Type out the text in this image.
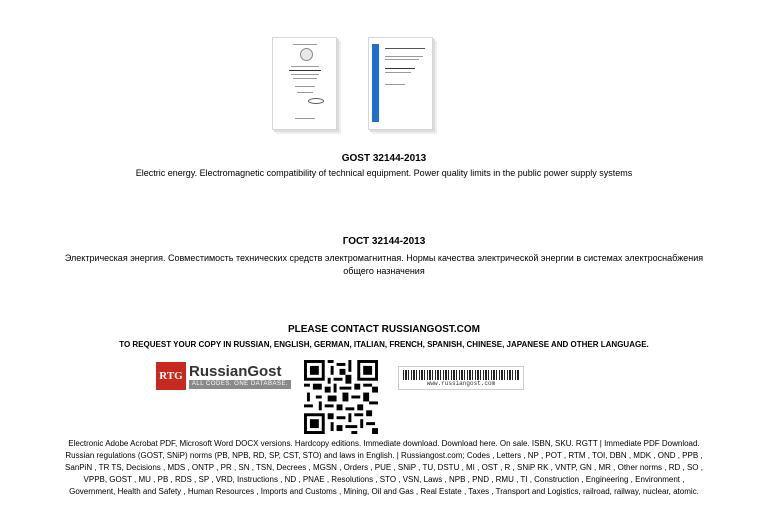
GOST 32144-2013
Electric energy. Electromagnetic compatibility of technical equipment. Power quality limits in the public power supply systems
ГОСТ 32144-2013
Электрическая энергия. Совместимость технических средств электромагнитная. Нормы качества электрической энергии в системах электроснабжения общего назначения
PLEASE CONTACT RUSSIANGOST.COM
TO REQUEST YOUR COPY IN RUSSIAN, ENGLISH, GERMAN, ITALIAN, FRENCH, SPANISH, CHINESE, JAPANESE AND OTHER LANGUAGE.
RTG RussianGost
ALL CODES. ONE DATABASE.	www.russiangost.com
Electronic Adobe Acrobat PDF, Microsoft Word DOCX versions. Hardcopy editions. Immediate download. Download here. On sale. ISBN, SKU. RGTT | Immediate PDF Download. Russian regulations (GOST, SNiP) norms (PB, NPB, RD, SP, CST, STO) and laws in English. | Russiangost.com; Codes , Letters , NP , POT , RTM , TOI, DBN , MDK , OND , PPB , SanPiN , TR TS, Decisions , MDS , ONTP , PR , SN , TSN, Decrees , MGSN , Orders , PUE , SNiP , TU, DSTU , MI , OST , R , SNiP RK , VNTP, GN , MR , Other norms , RD , SO , VPPB, GOST , MU , PB , RDS , SP , VRD, Instructions , ND , PNAE , Resolutions , STO , VSN, Laws , NPB , PND , RMU , TI , Construction , Engineering , Environment , Government, Health and Safety , Human Resources , Imports and Customs , Mining, Oil and Gas , Real Estate , Taxes , Transport and Logistics, railroad, railway, nuclear, atomic.
